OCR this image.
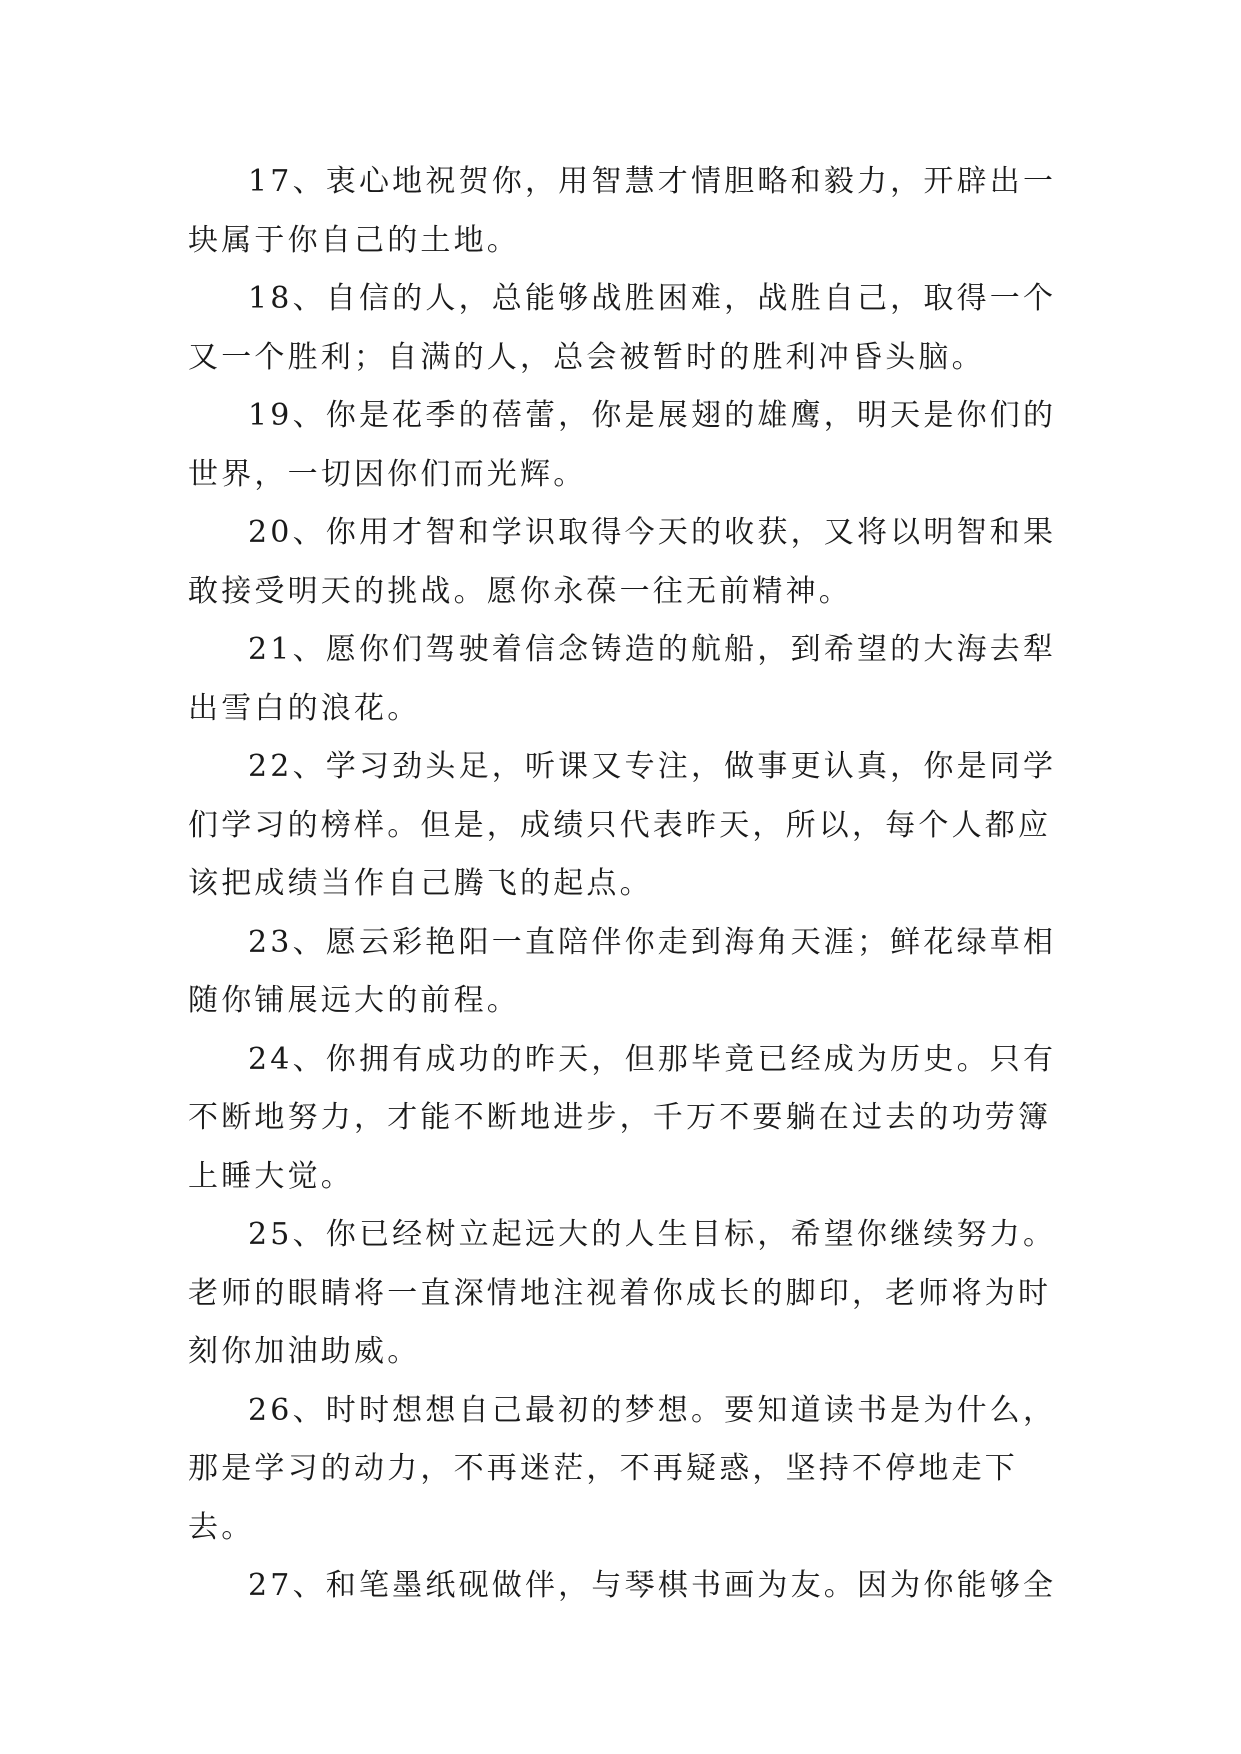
17、衷心地祝贺你，用智慧才情胆略和毅力，开辟出一
块属于你自己的土地。

18、自信的人，总能够战胜困难，战胜自己，取得一个
又一个胜利；自满的人，总会被暂时的胜利冲昏头脑。

19、你是花季的蓓蕾，你是展翅的雄鹰，明天是你们的
世界，一切因你们而光辉。

20、你用才智和学识取得今天的收获，又将以明智和果
敢接受明天的挑战。愿你永葆一往无前精神。

21、愿你们驾驶着信念铸造的航船，到希望的大海去犁
出雪白的浪花。

22、学习劲头足，听课又专注，做事更认真，你是同学
们学习的榜样。但是，成绩只代表昨天，所以，每个人都应
该把成绩当作自己腾飞的起点。

23、愿云彩艳阳一直陪伴你走到海角天涯；鲜花绿草相
随你铺展远大的前程。

24、你拥有成功的昨天，但那毕竟已经成为历史。只有
不断地努力，才能不断地进步，千万不要躺在过去的功劳簿
上睡大觉。

25、你已经树立起远大的人生目标，希望你继续努力。
老师的眼睛将一直深情地注视着你成长的脚印，老师将为时
刻你加油助威。

26、时时想想自己最初的梦想。要知道读书是为什么，
那是学习的动力，不再迷茫，不再疑惑，坚持不停地走下去。

27、和笔墨纸砚做伴，与琴棋书画为友。因为你能够全
